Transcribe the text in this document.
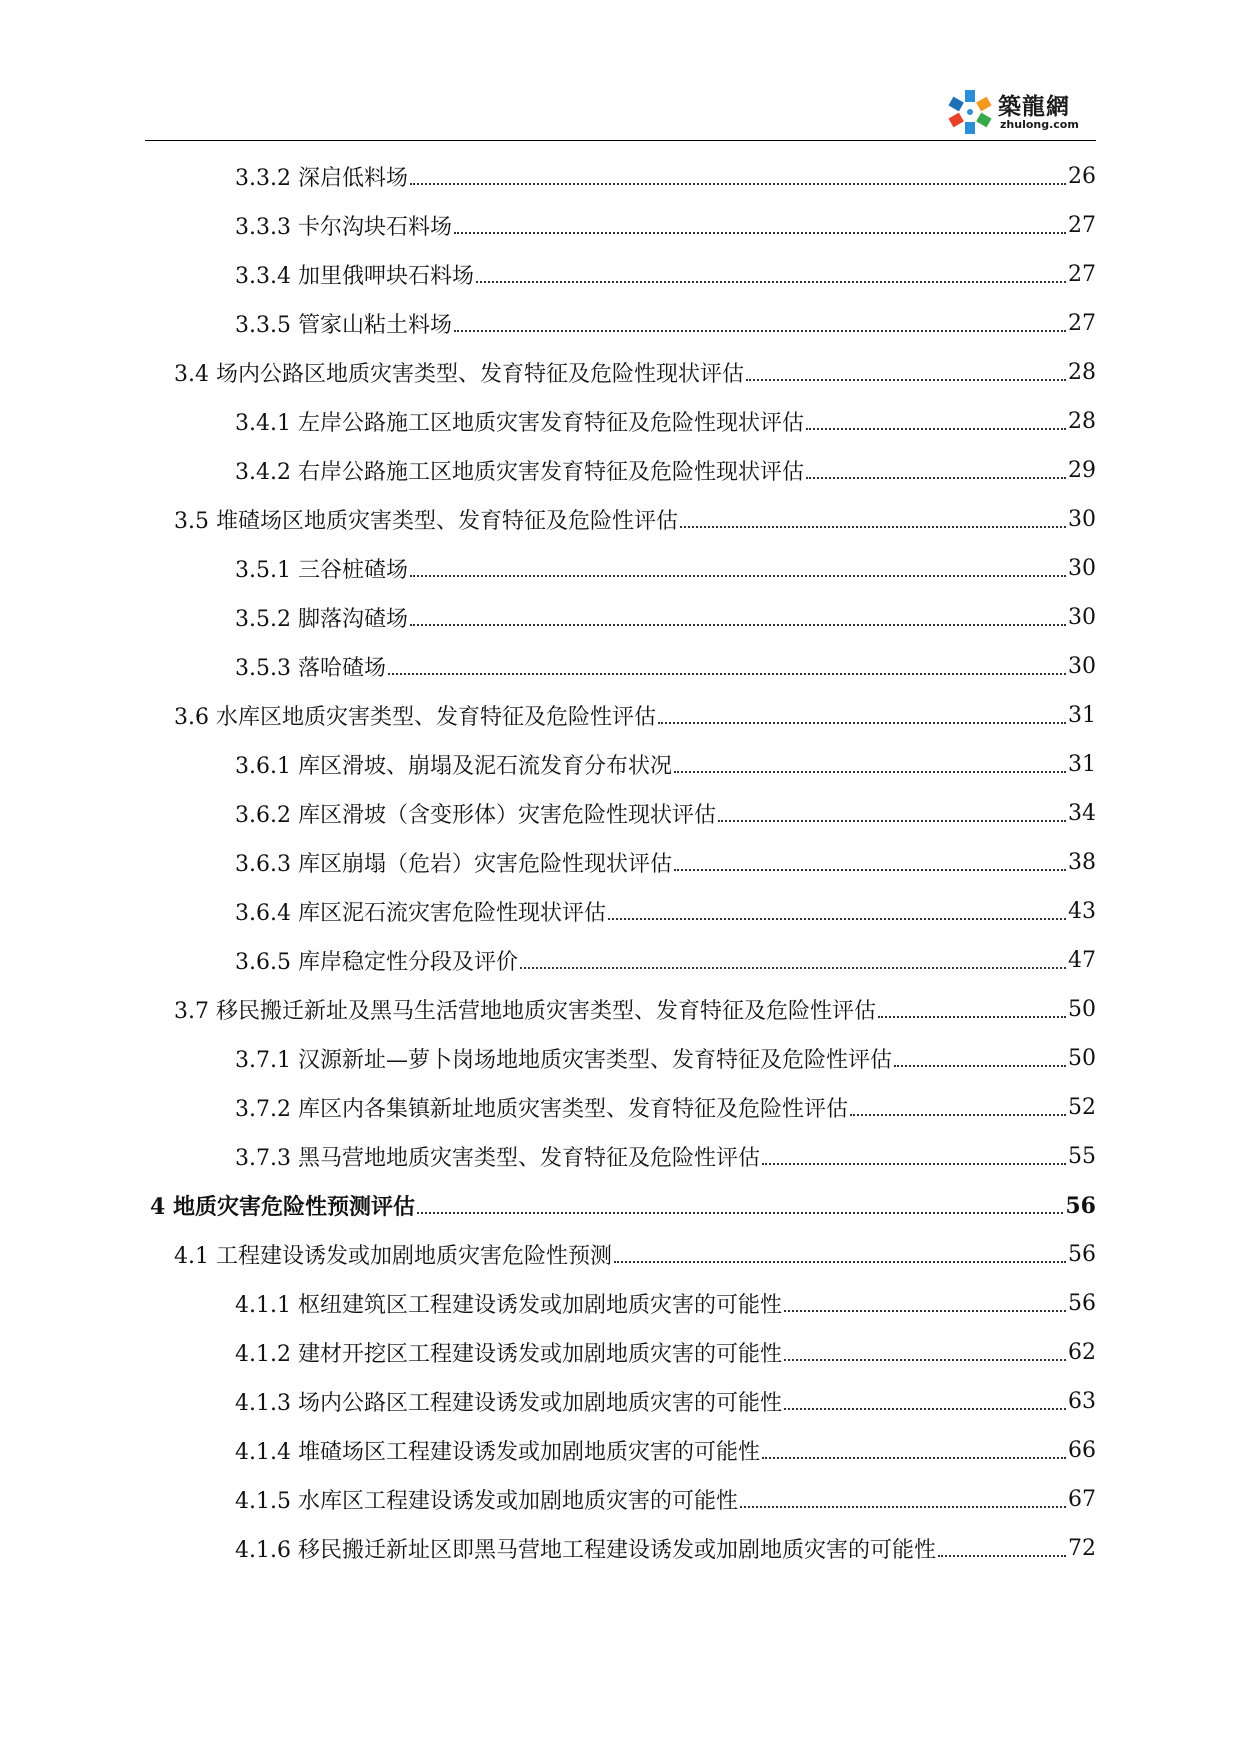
築龍網
zhulong.com
3.3.2 深启低料场	26
3.3.3 卡尔沟块石料场	27
3.3.4 加里俄呷块石料场	27
3.3.5 管家山粘土料场	27
3.4 场内公路区地质灾害类型、发育特征及危险性现状评估	28
3.4.1 左岸公路施工区地质灾害发育特征及危险性现状评估	28
3.4.2 右岸公路施工区地质灾害发育特征及危险性现状评估	29
3.5 堆碴场区地质灾害类型、发育特征及危险性评估	30
3.5.1 三谷桩碴场	30
3.5.2 脚落沟碴场	30
3.5.3 落哈碴场	30
3.6 水库区地质灾害类型、发育特征及危险性评估	31
3.6.1 库区滑坡、崩塌及泥石流发育分布状况	31
3.6.2 库区滑坡（含变形体）灾害危险性现状评估	34
3.6.3 库区崩塌（危岩）灾害危险性现状评估	38
3.6.4 库区泥石流灾害危险性现状评估	43
3.6.5 库岸稳定性分段及评价	47
3.7 移民搬迁新址及黑马生活营地地质灾害类型、发育特征及危险性评估	50
3.7.1 汉源新址—萝卜岗场地地质灾害类型、发育特征及危险性评估	50
3.7.2 库区内各集镇新址地质灾害类型、发育特征及危险性评估	52
3.7.3 黑马营地地质灾害类型、发育特征及危险性评估	55
4 地质灾害危险性预测评估	56
4.1 工程建设诱发或加剧地质灾害危险性预测	56
4.1.1 枢纽建筑区工程建设诱发或加剧地质灾害的可能性	56
4.1.2 建材开挖区工程建设诱发或加剧地质灾害的可能性	62
4.1.3 场内公路区工程建设诱发或加剧地质灾害的可能性	63
4.1.4 堆碴场区工程建设诱发或加剧地质灾害的可能性	66
4.1.5 水库区工程建设诱发或加剧地质灾害的可能性	67
4.1.6 移民搬迁新址区即黑马营地工程建设诱发或加剧地质灾害的可能性	72
